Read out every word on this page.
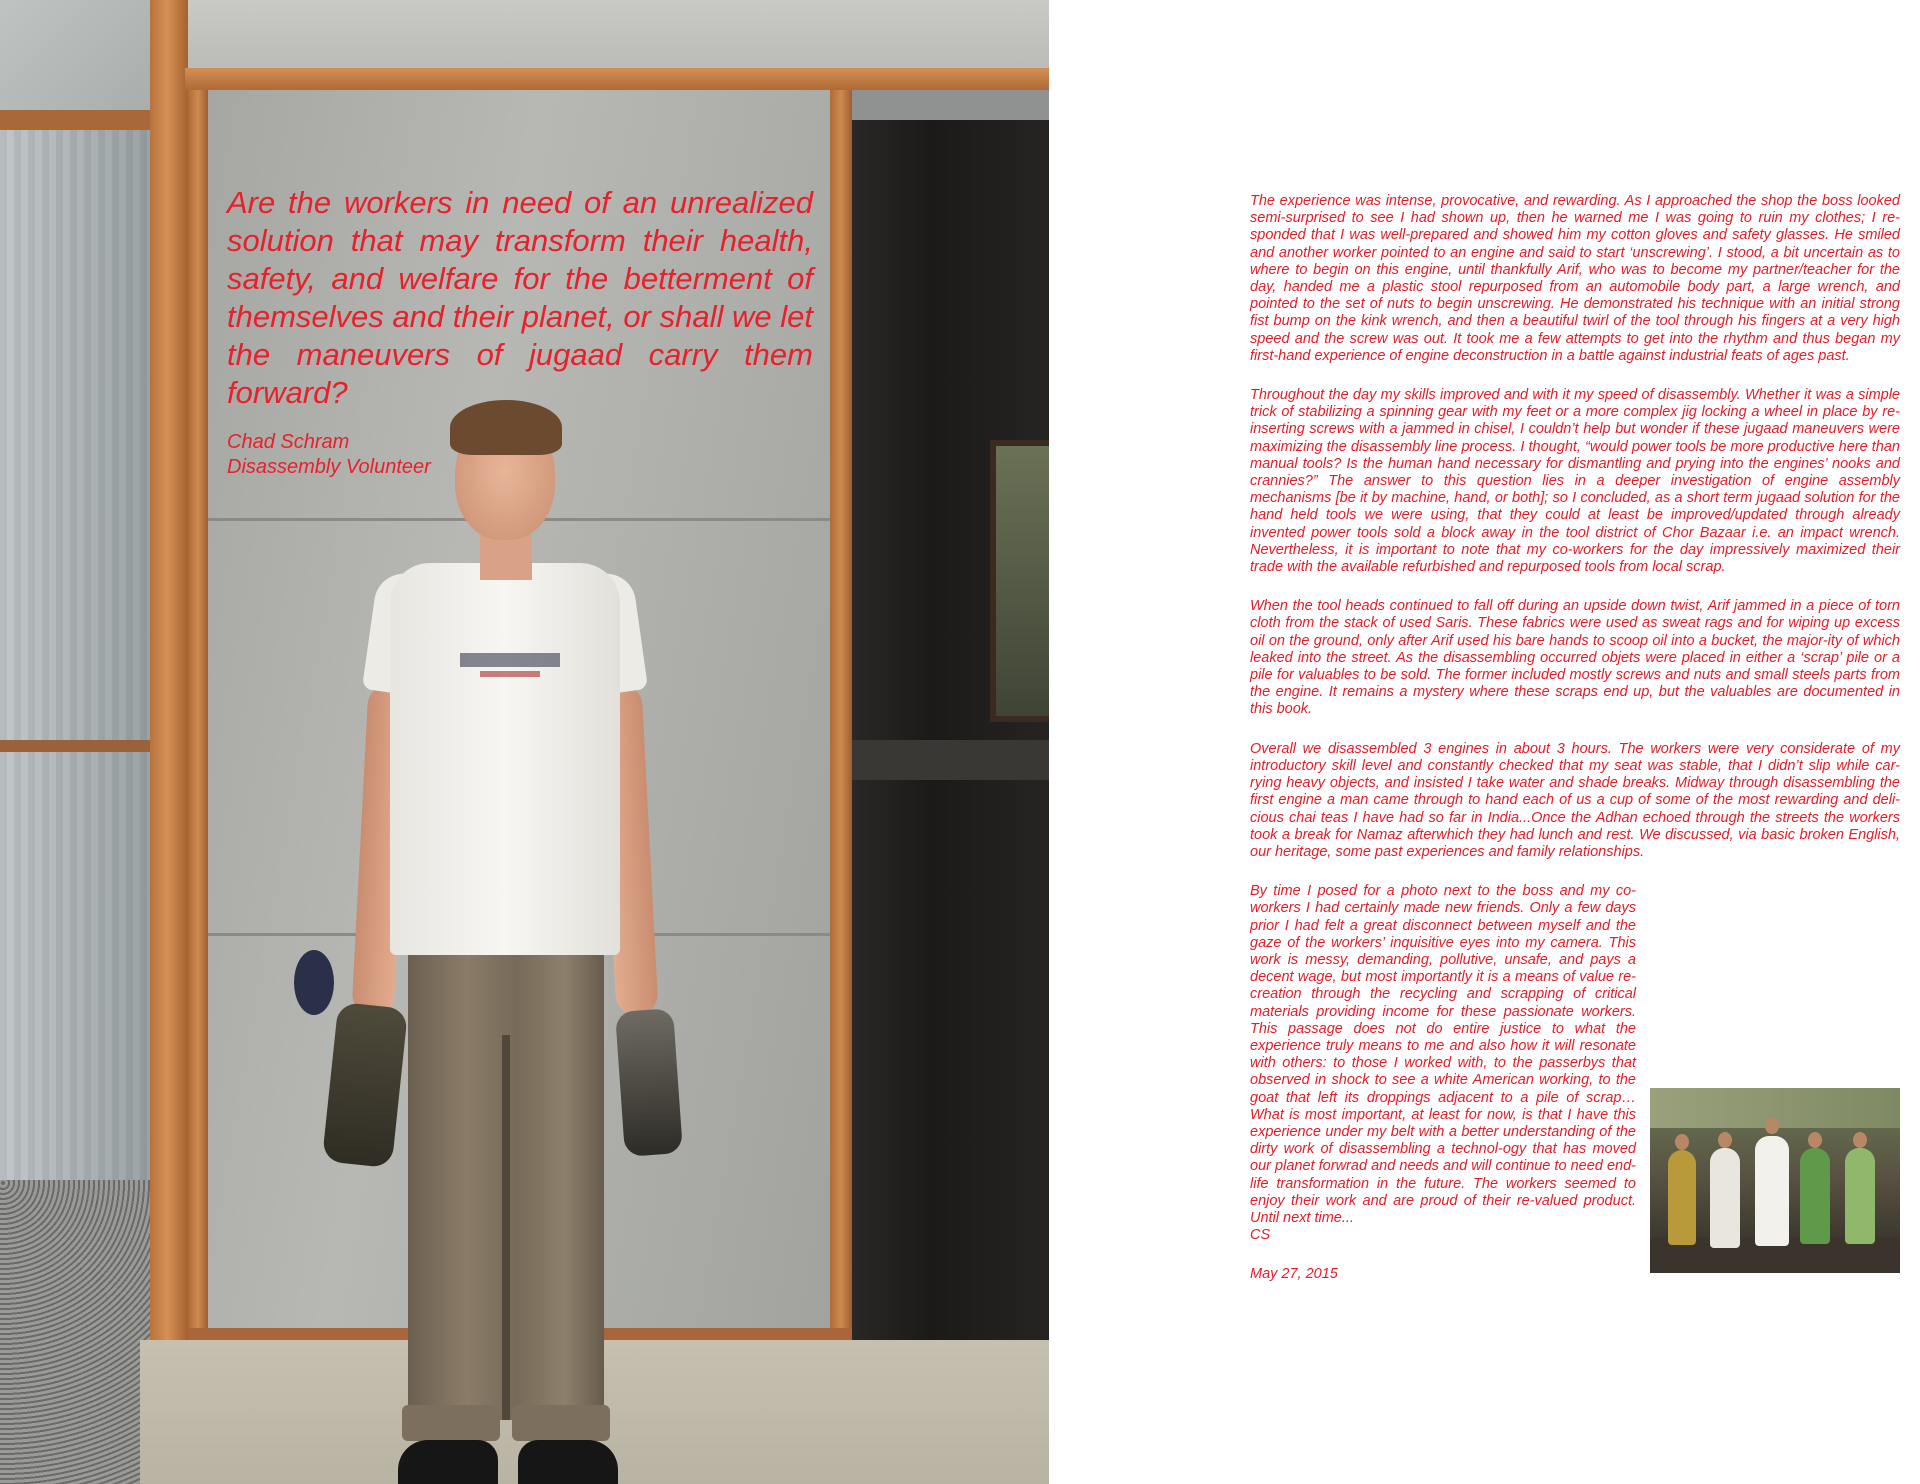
Are the workers in need of an unrealized solution that may transform their health, safety, and welfare for the betterment of themselves and their planet, or shall we let the maneuvers of jugaad carry them forward?

Chad Schram
Disassembly Volunteer

The experience was intense, provocative, and rewarding. As I approached the shop the boss looked semi-surprised to see I had shown up, then he warned me I was going to ruin my clothes; I re-sponded that I was well-prepared and showed him my cotton gloves and safety glasses. He smiled and another worker pointed to an engine and said to start ‘unscrewing’. I stood, a bit uncertain as to where to begin on this engine, until thankfully Arif, who was to become my partner/teacher for the day, handed me a plastic stool repurposed from an automobile body part, a large wrench, and pointed to the set of nuts to begin unscrewing. He demonstrated his technique with an initial strong fist bump on the kink wrench, and then a beautiful twirl of the tool through his fingers at a very high speed and the screw was out. It took me a few attempts to get into the rhythm and thus began my first-hand experience of engine deconstruction in a battle against industrial feats of ages past.

Throughout the day my skills improved and with it my speed of disassembly. Whether it was a simple trick of stabilizing a spinning gear with my feet or a more complex jig locking a wheel in place by re-inserting screws with a jammed in chisel, I couldn’t help but wonder if these jugaad maneuvers were maximizing the disassembly line process. I thought, “would power tools be more productive here than manual tools? Is the human hand necessary for dismantling and prying into the engines’ nooks and crannies?” The answer to this question lies in a deeper investigation of engine assembly mechanisms [be it by machine, hand, or both]; so I concluded, as a short term jugaad solution for the hand held tools we were using, that they could at least be improved/updated through already invented power tools sold a block away in the tool district of Chor Bazaar i.e. an impact wrench. Nevertheless, it is important to note that my co-workers for the day impressively maximized their trade with the available refurbished and repurposed tools from local scrap.

When the tool heads continued to fall off during an upside down twist, Arif jammed in a piece of torn cloth from the stack of used Saris. These fabrics were used as sweat rags and for wiping up excess oil on the ground, only after Arif used his bare hands to scoop oil into a bucket, the major-ity of which leaked into the street. As the disassembling occurred objets were placed in either a ‘scrap’ pile or a pile for valuables to be sold. The former included mostly screws and nuts and small steels parts from the engine. It remains a mystery where these scraps end up, but the valuables are documented in this book.

Overall we disassembled 3 engines in about 3 hours. The workers were very considerate of my introductory skill level and constantly checked that my seat was stable, that I didn’t slip while car-rying heavy objects, and insisted I take water and shade breaks. Midway through disassembling the first engine a man came through to hand each of us a cup of some of the most rewarding and deli-cious chai teas I have had so far in India...Once the Adhan echoed through the streets the workers took a break for Namaz afterwhich they had lunch and rest. We discussed, via basic broken English, our heritage, some past experiences and family relationships.

By time I posed for a photo next to the boss and my co-workers I had certainly made new friends. Only a few days prior I had felt a great disconnect between myself and the gaze of the workers’ inquisitive eyes into my camera. This work is messy, demanding, pollutive, unsafe, and pays a decent wage, but most importantly it is a means of value re-creation through the recycling and scrapping of critical materials providing income for these passionate workers. This passage does not do entire justice to what the experience truly means to me and also how it will resonate with others: to those I worked with, to the passerbys that observed in shock to see a white American working, to the goat that left its droppings adjacent to a pile of scrap… What is most important, at least for now, is that I have this experience under my belt with a better understanding of the dirty work of disassembling a technol-ogy that has moved our planet forwrad and needs and will continue to need end-life transformation in the future. The workers seemed to enjoy their work and are proud of their re-valued product. Until next time...

CS

May 27, 2015
